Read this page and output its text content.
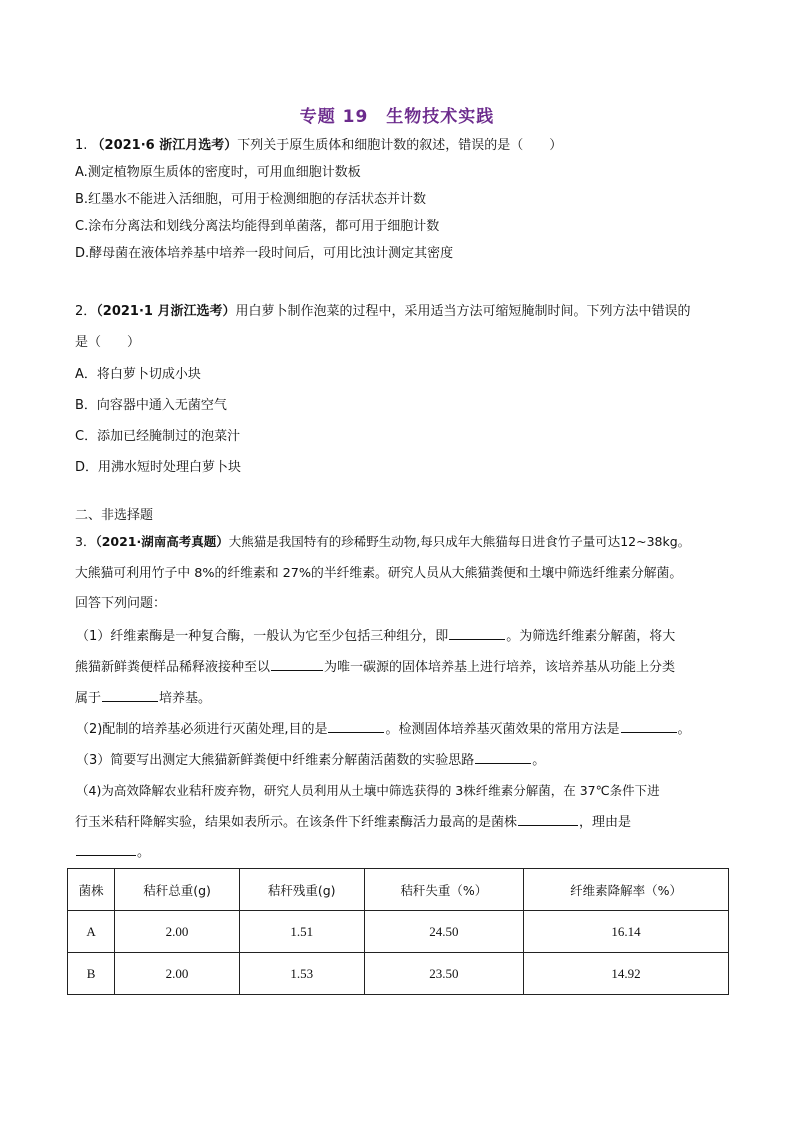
专题 19　生物技术实践
1. （2021·6 浙江月选考）下列关于原生质体和细胞计数的叙述，错误的是（　　）
A.测定植物原生质体的密度时，可用血细胞计数板
B.红墨水不能进入活细胞，可用于检测细胞的存活状态并计数
C.涂布分离法和划线分离法均能得到单菌落，都可用于细胞计数
D.酵母菌在液体培养基中培养一段时间后，可用比浊计测定其密度
2．（2021·1 月浙江选考）用白萝卜制作泡菜的过程中，采用适当方法可缩短腌制时间。下列方法中错误的
是（　　）
A．将白萝卜切成小块
B．向容器中通入无菌空气
C．添加已经腌制过的泡菜汁
D．用沸水短时处理白萝卜块
二、非选择题
3．（2021·湖南高考真题）大熊猫是我国特有的珍稀野生动物,每只成年大熊猫每日进食竹子量可达12~38kg。
大熊猫可利用竹子中 8%的纤维素和 27%的半纤维素。研究人员从大熊猫粪便和土壤中筛选纤维素分解菌。
回答下列问题：
（1）纤维素酶是一种复合酶，一般认为它至少包括三种组分，即	。为筛选纤维素分解菌，将大
熊猫新鲜粪便样品稀释液接种至以	为唯一碳源的固体培养基上进行培养，该培养基从功能上分类
属于	培养基。
（2)配制的培养基必须进行灭菌处理,目的是	。检测固体培养基灭菌效果的常用方法是	。
（3）简要写出测定大熊猫新鲜粪便中纤维素分解菌活菌数的实验思路	。
（4)为高效降解农业秸秆废弃物，研究人员利用从土壤中筛选获得的 3株纤维素分解菌，在 37℃条件下进
行玉米秸秆降解实验，结果如表所示。在该条件下纤维素酶活力最高的是菌株	，理由是
。
菌株	秸秆总重(g)	秸秆残重(g)	秸秆失重（%）	纤维素降解率（%）
A	2.00	1.51	24.50	16.14
B	2.00	1.53	23.50	14.92
